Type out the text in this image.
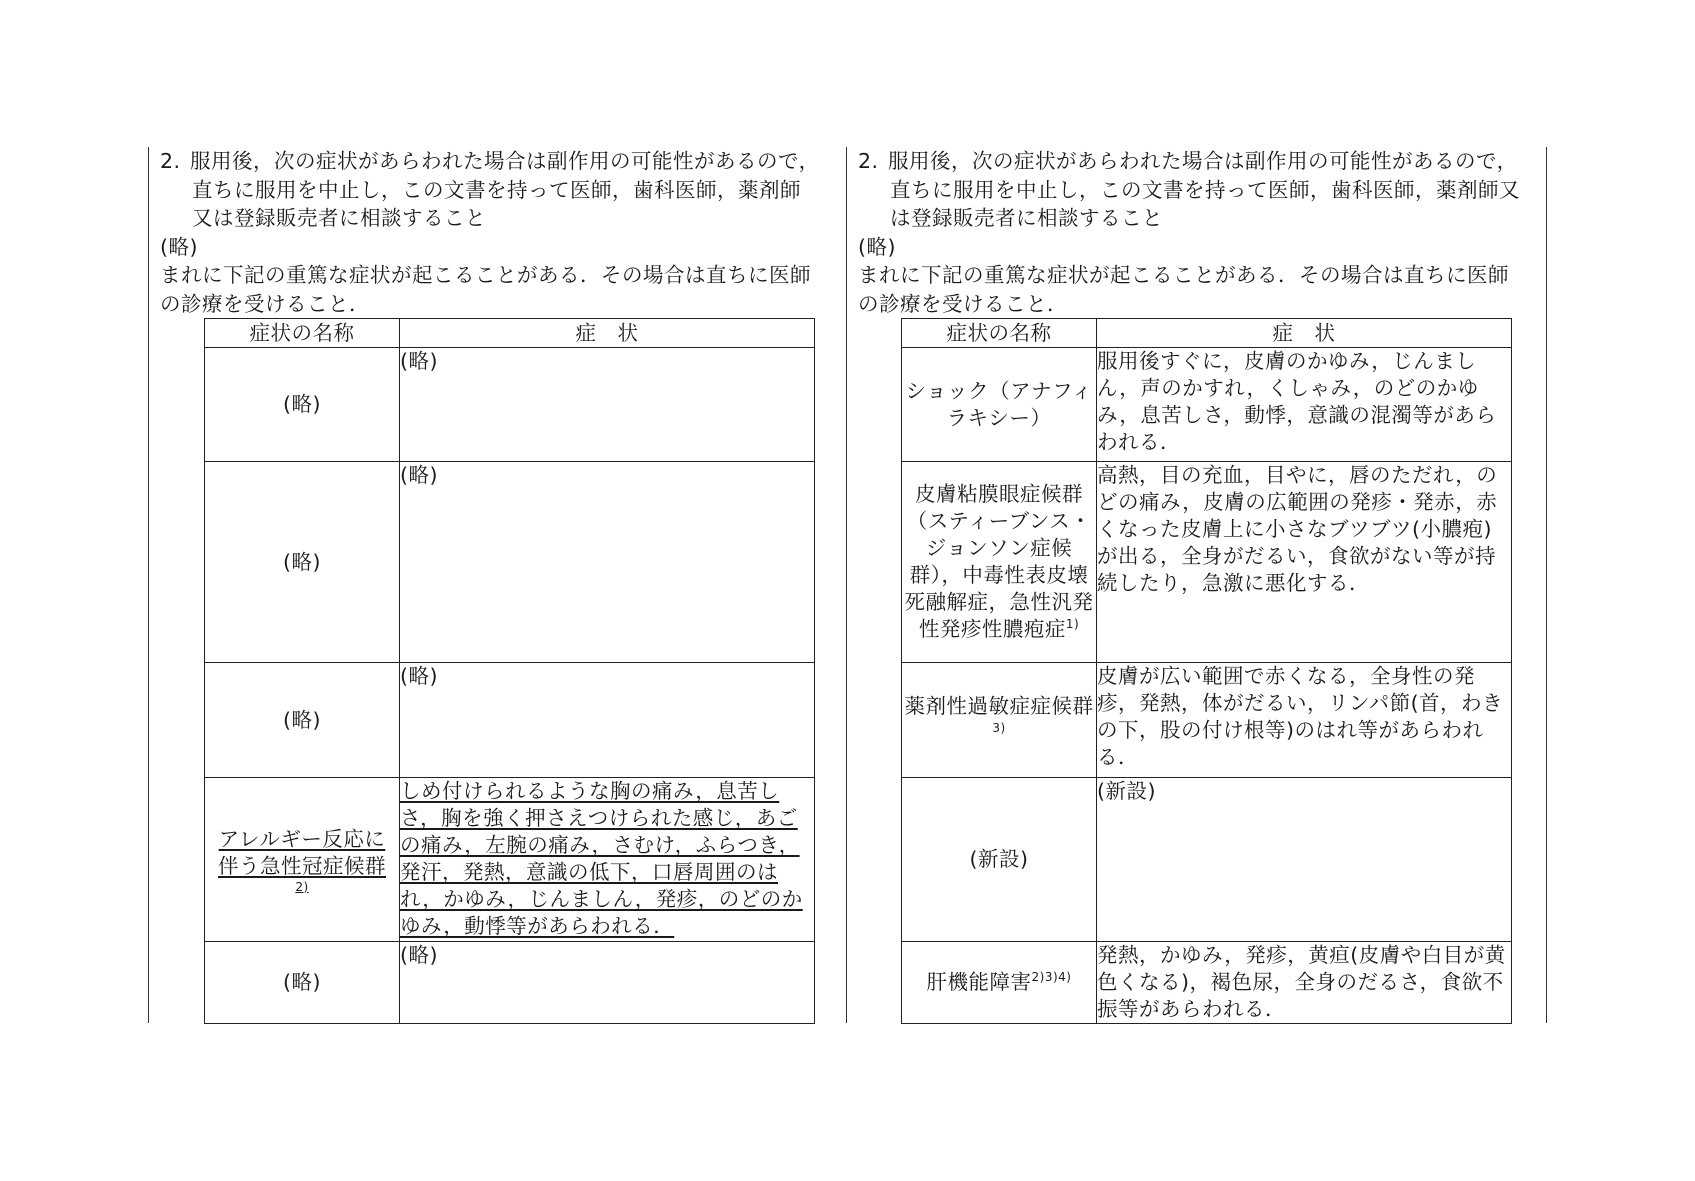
2. 服用後，次の症状があらわれた場合は副作用の可能性があるので，
直ちに服用を中止し，この文書を持って医師，歯科医師，薬剤師
又は登録販売者に相談すること

(略)

まれに下記の重篤な症状が起こることがある．その場合は直ちに医師

の診療を受けること．

症状の名称	症　状
(略)	(略)
(略)	(略)
(略)	(略)

アレルギー反応に
伴う急性冠症候群
2)	しめ付けられるような胸の痛み，息苦しさ，胸を強く押さえつけられた感じ，あごの痛み，左腕の痛み，さむけ，ふらつき，発汗，発熱，意識の低下，口唇周囲のはれ，かゆみ，じんましん，発疹，のどのかゆみ，動悸等があらわれる．
(略)	(略)
2. 服用後，次の症状があらわれた場合は副作用の可能性があるので，
直ちに服用を中止し，この文書を持って医師，歯科医師，薬剤師又
は登録販売者に相談すること

(略)

まれに下記の重篤な症状が起こることがある．その場合は直ちに医師

の診療を受けること．

症状の名称	症　状
ショック（アナフィラキシー）	服用後すぐに，皮膚のかゆみ，じんましん，声のかすれ，くしゃみ，のどのかゆみ，息苦しさ，動悸，意識の混濁等があらわれる．
皮膚粘膜眼症候群（スティーブンス・ジョンソン症候群），中毒性表皮壊死融解症，急性汎発性発疹性膿疱症$^{1)}$	高熱，目の充血，目やに，唇のただれ，のどの痛み，皮膚の広範囲の発疹・発赤，赤くなった皮膚上に小さなブツブツ(小膿疱)が出る，全身がだるい，食欲がない等が持続したり，急激に悪化する．
薬剤性過敏症症候群$^{3)}$	皮膚が広い範囲で赤くなる，全身性の発疹，発熱，体がだるい，リンパ節(首，わきの下，股の付け根等)のはれ等があらわれる．
(新設)	(新設)
肝機能障害$^{2)3)4)}$	発熱，かゆみ，発疹，黄疸(皮膚や白目が黄色くなる)，褐色尿，全身のだるさ，食欲不振等があらわれる．
